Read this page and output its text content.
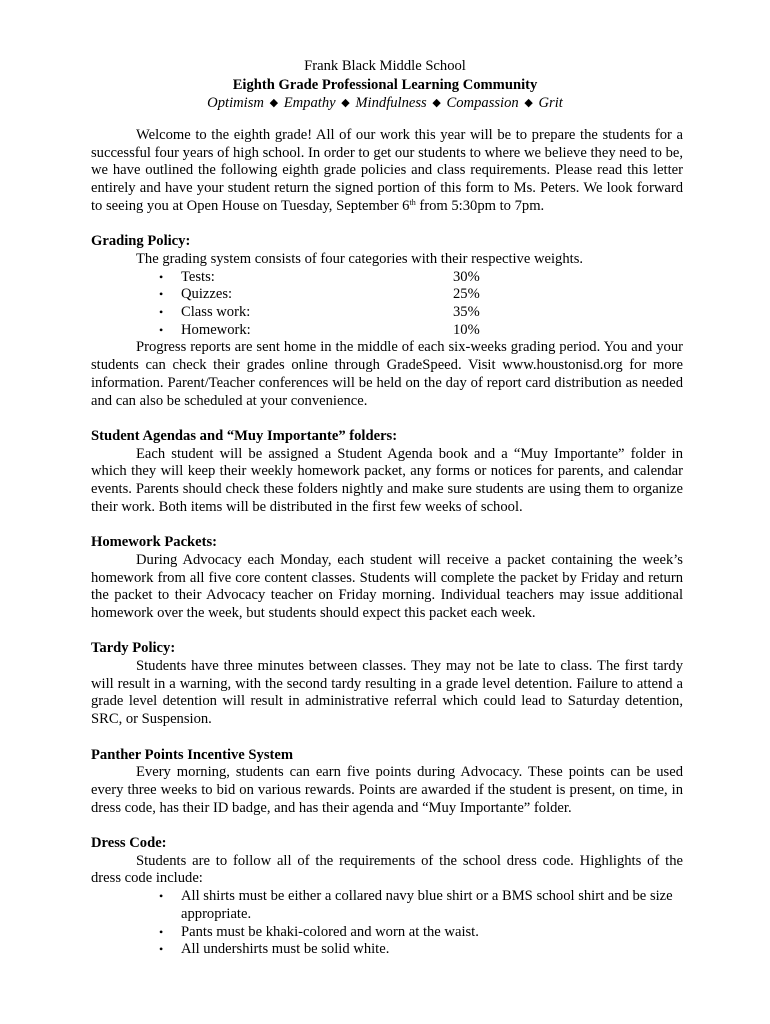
Frank Black Middle School
Eighth Grade Professional Learning Community
Optimism ◆ Empathy ◆ Mindfulness ◆ Compassion ◆ Grit

Welcome to the eighth grade! All of our work this year will be to prepare the students for a successful four years of high school. In order to get our students to where we believe they need to be, we have outlined the following eighth grade policies and class requirements. Please read this letter entirely and have your student return the signed portion of this form to Ms. Peters. We look forward to seeing you at Open House on Tuesday, September 6th from 5:30pm to 7pm.

Grading Policy:

The grading system consists of four categories with their respective weights.

• Tests:	30%
• Quizzes:	25%
• Class work:	35%
• Homework:	10%

Progress reports are sent home in the middle of each six-weeks grading period. You and your students can check their grades online through GradeSpeed. Visit www.houstonisd.org for more information. Parent/Teacher conferences will be held on the day of report card distribution as needed and can also be scheduled at your convenience.

Student Agendas and “Muy Importante” folders:

Each student will be assigned a Student Agenda book and a “Muy Importante” folder in which they will keep their weekly homework packet, any forms or notices for parents, and calendar events. Parents should check these folders nightly and make sure students are using them to organize their work. Both items will be distributed in the first few weeks of school.

Homework Packets:

During Advocacy each Monday, each student will receive a packet containing the week’s homework from all five core content classes. Students will complete the packet by Friday and return the packet to their Advocacy teacher on Friday morning. Individual teachers may issue additional homework over the week, but students should expect this packet each week.

Tardy Policy:

Students have three minutes between classes. They may not be late to class. The first tardy will result in a warning, with the second tardy resulting in a grade level detention. Failure to attend a grade level detention will result in administrative referral which could lead to Saturday detention, SRC, or Suspension.

Panther Points Incentive System

Every morning, students can earn five points during Advocacy. These points can be used every three weeks to bid on various rewards. Points are awarded if the student is present, on time, in dress code, has their ID badge, and has their agenda and “Muy Importante” folder.

Dress Code:

Students are to follow all of the requirements of the school dress code. Highlights of the dress code include:

• All shirts must be either a collared navy blue shirt or a BMS school shirt and be size appropriate.
• Pants must be khaki-colored and worn at the waist.
• All undershirts must be solid white.
